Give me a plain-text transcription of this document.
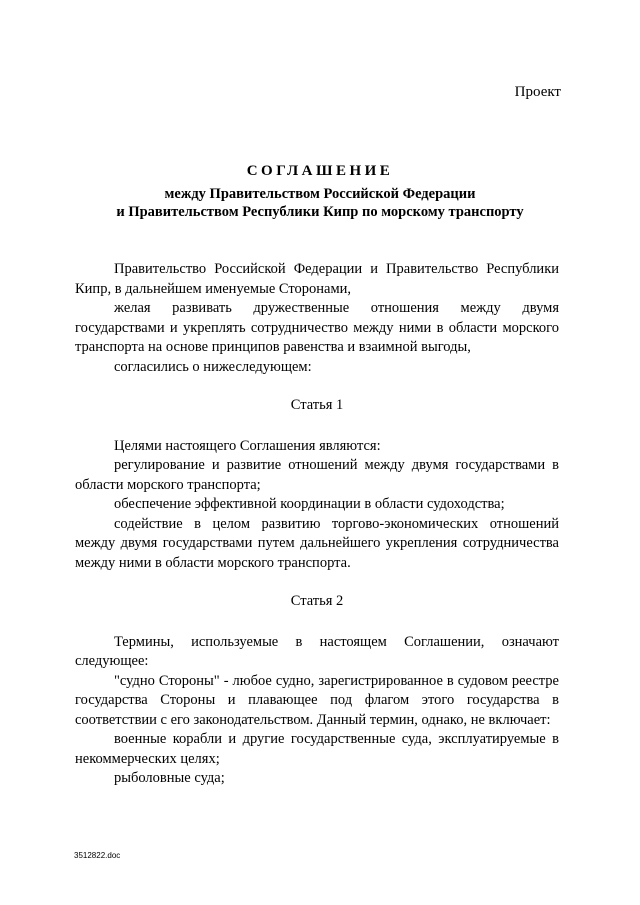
Проект
СОГЛАШЕНИЕ
между Правительством Российской Федерации
и Правительством Республики Кипр по морскому транспорту

Правительство Российской Федерации и Правительство Республики Кипр, в дальнейшем именуемые Сторонами,

желая развивать дружественные отношения между двумя государствами и укреплять сотрудничество между ними в области морского транспорта на основе принципов равенства и взаимной выгоды,

согласились о нижеследующем:

Статья 1

Целями настоящего Соглашения являются:

регулирование и развитие отношений между двумя государствами в области морского транспорта;

обеспечение эффективной координации в области судоходства;

содействие в целом развитию торгово-экономических отношений между двумя государствами путем дальнейшего укрепления сотрудничества между ними в области морского транспорта.

Статья 2

Термины, используемые в настоящем Соглашении, означают следующее:

"судно Стороны" - любое судно, зарегистрированное в судовом реестре государства Стороны и плавающее под флагом этого государства в соответствии с его законодательством. Данный термин, однако, не включает:

военные корабли и другие государственные суда, эксплуатируемые в некоммерческих целях;

рыболовные суда;

3512822.doc
